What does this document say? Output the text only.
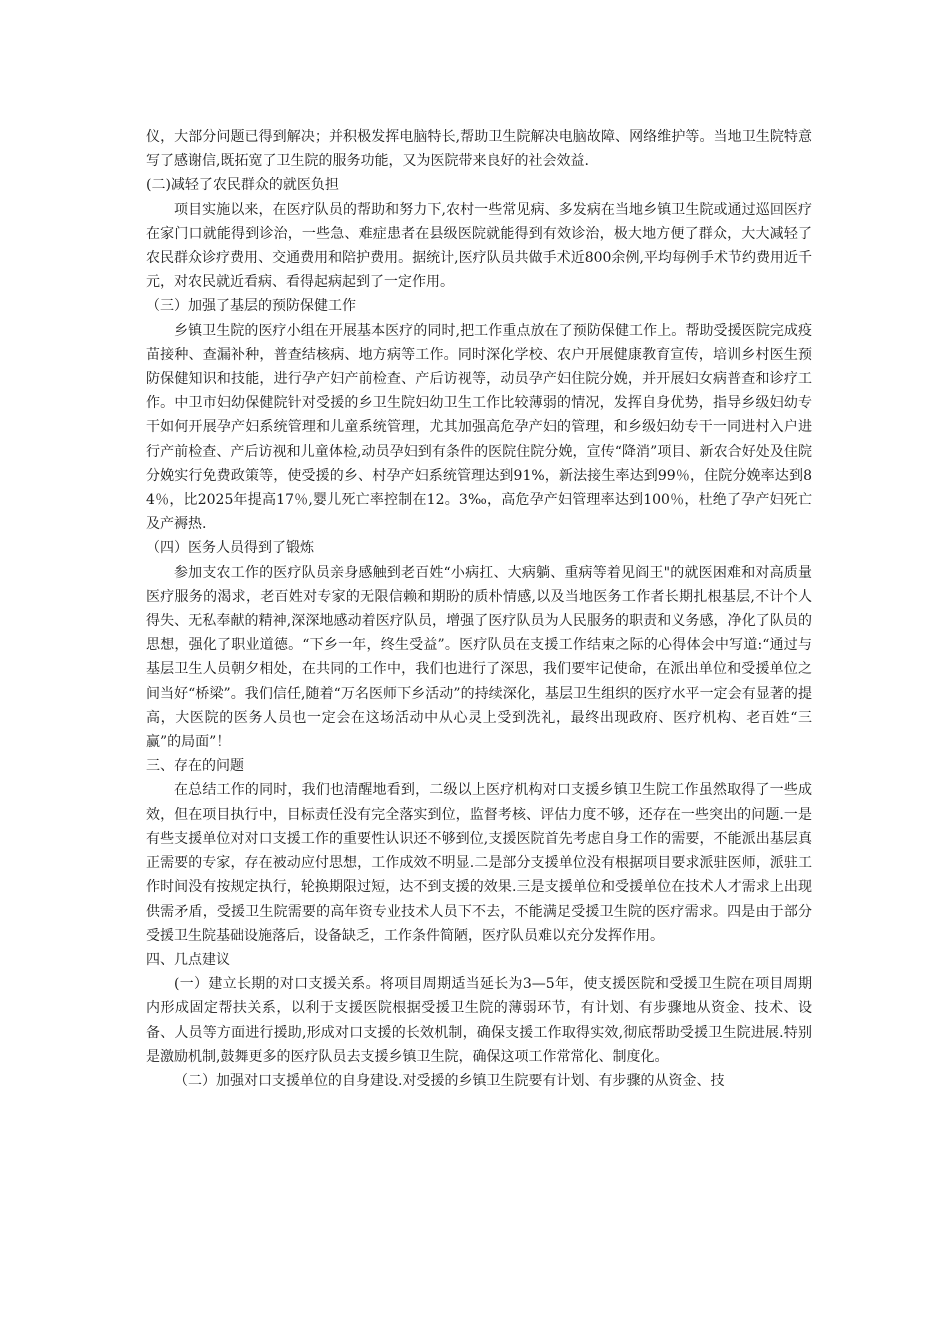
仪，大部分问题已得到解决；并积极发挥电脑特长,帮助卫生院解决电脑故障、网络维护等。当地卫生院特意写了感谢信,既拓宽了卫生院的服务功能，又为医院带来良好的社会效益.

(二)减轻了农民群众的就医负担

项目实施以来，在医疗队员的帮助和努力下,农村一些常见病、多发病在当地乡镇卫生院或通过巡回医疗在家门口就能得到诊治，一些急、难症患者在县级医院就能得到有效诊治，极大地方便了群众，大大减轻了农民群众诊疗费用、交通费用和陪护费用。据统计,医疗队员共做手术近800余例,平均每例手术节约费用近千元，对农民就近看病、看得起病起到了一定作用。

（三）加强了基层的预防保健工作

乡镇卫生院的医疗小组在开展基本医疗的同时,把工作重点放在了预防保健工作上。帮助受援医院完成疫苗接种、查漏补种，普查结核病、地方病等工作。同时深化学校、农户开展健康教育宣传，培训乡村医生预防保健知识和技能，进行孕产妇产前检查、产后访视等，动员孕产妇住院分娩，并开展妇女病普查和诊疗工作。中卫市妇幼保健院针对受援的乡卫生院妇幼卫生工作比较薄弱的情况，发挥自身优势，指导乡级妇幼专干如何开展孕产妇系统管理和儿童系统管理，尤其加强高危孕产妇的管理，和乡级妇幼专干一同进村入户进行产前检查、产后访视和儿童体检,动员孕妇到有条件的医院住院分娩，宣传“降消”项目、新农合好处及住院分娩实行免费政策等，使受援的乡、村孕产妇系统管理达到91%，新法接生率达到99％，住院分娩率达到84％，比2025年提高17％,婴儿死亡率控制在12。3‰，高危孕产妇管理率达到100％，杜绝了孕产妇死亡及产褥热.

（四）医务人员得到了锻炼

参加支农工作的医疗队员亲身感触到老百姓“小病扛、大病躺、重病等着见阎王"的就医困难和对高质量医疗服务的渴求，老百姓对专家的无限信赖和期盼的质朴情感,以及当地医务工作者长期扎根基层,不计个人得失、无私奉献的精神,深深地感动着医疗队员，增强了医疗队员为人民服务的职责和义务感，净化了队员的思想，强化了职业道德。“下乡一年，终生受益”。医疗队员在支援工作结束之际的心得体会中写道:“通过与基层卫生人员朝夕相处，在共同的工作中，我们也进行了深思，我们要牢记使命，在派出单位和受援单位之间当好“桥梁”。我们信任,随着“万名医师下乡活动”的持续深化，基层卫生组织的医疗水平一定会有显著的提高，大医院的医务人员也一定会在这场活动中从心灵上受到洗礼，最终出现政府、医疗机构、老百姓“三赢”的局面”！

三、存在的问题

在总结工作的同时，我们也清醒地看到，二级以上医疗机构对口支援乡镇卫生院工作虽然取得了一些成效，但在项目执行中，目标责任没有完全落实到位，监督考核、评估力度不够，还存在一些突出的问题.一是有些支援单位对对口支援工作的重要性认识还不够到位,支援医院首先考虑自身工作的需要，不能派出基层真正需要的专家，存在被动应付思想，工作成效不明显.二是部分支援单位没有根据项目要求派驻医师，派驻工作时间没有按规定执行，轮换期限过短，达不到支援的效果.三是支援单位和受援单位在技术人才需求上出现供需矛盾，受援卫生院需要的高年资专业技术人员下不去，不能满足受援卫生院的医疗需求。四是由于部分受援卫生院基础设施落后，设备缺乏，工作条件简陋，医疗队员难以充分发挥作用。

四、几点建议

(一）建立长期的对口支援关系。将项目周期适当延长为3—5年，使支援医院和受援卫生院在项目周期内形成固定帮扶关系，以利于支援医院根据受援卫生院的薄弱环节，有计划、有步骤地从资金、技术、设备、人员等方面进行援助,形成对口支援的长效机制，确保支援工作取得实效,彻底帮助受援卫生院进展.特别是激励机制,鼓舞更多的医疗队员去支援乡镇卫生院，确保这项工作常常化、制度化。

（二）加强对口支援单位的自身建设.对受援的乡镇卫生院要有计划、有步骤的从资金、技
